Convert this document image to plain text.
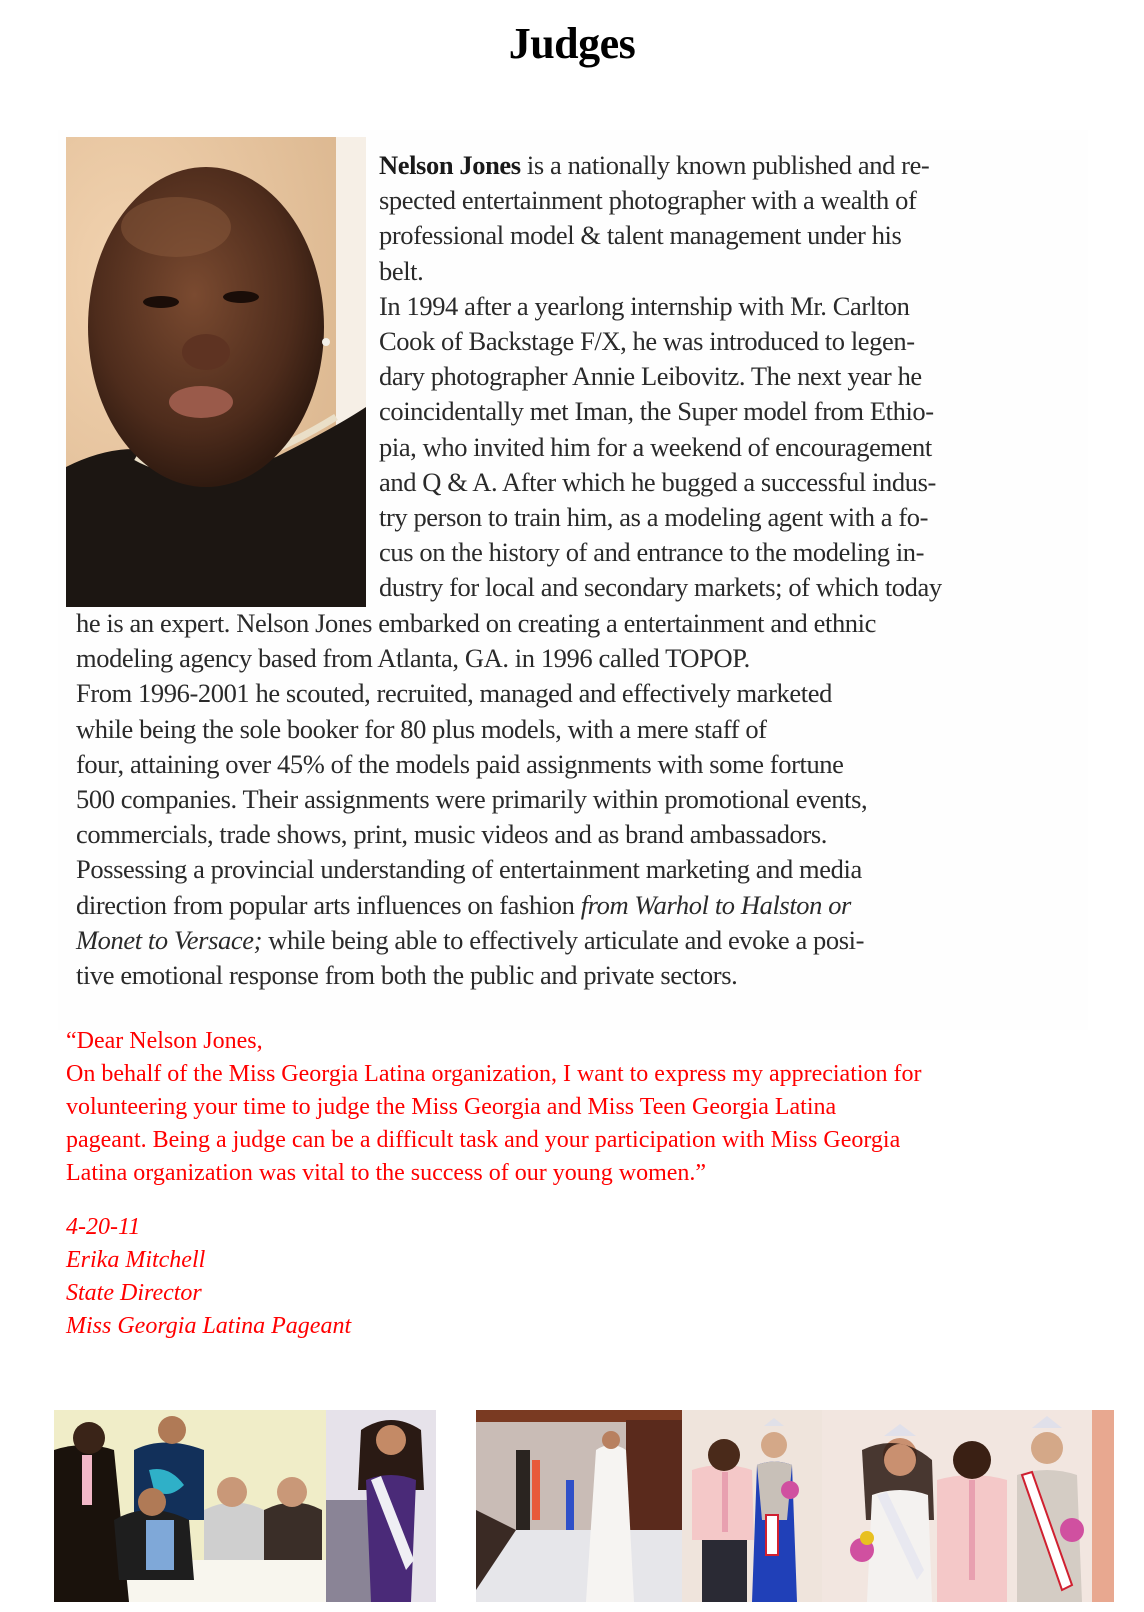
Judges
Nelson Jones is a nationally known published and re-
spected entertainment photographer with a wealth of
professional model & talent management under his
belt.
In 1994 after a yearlong internship with Mr. Carlton
Cook of Backstage F/X, he was introduced to legen-
dary photographer Annie Leibovitz. The next year he
coincidentally met Iman, the Super model from Ethio-
pia, who invited him for a weekend of encouragement
and Q & A. After which he bugged a successful indus-
try person to train him, as a modeling agent with a fo-
cus on the history of and entrance to the modeling in-
dustry for local and secondary markets; of which today
he is an expert. Nelson Jones embarked on creating a entertainment and ethnic
modeling agency based from Atlanta, GA. in 1996 called TOPOP.
From 1996-2001 he scouted, recruited, managed and effectively marketed
while being the sole booker for 80 plus models, with a mere staff of
four, attaining over 45% of the models paid assignments with some fortune
500 companies. Their assignments were primarily within promotional events,
commercials, trade shows, print, music videos and as brand ambassadors.
Possessing a provincial understanding of entertainment marketing and media
direction from popular arts influences on fashion from Warhol to Halston or
Monet to Versace; while being able to effectively articulate and evoke a posi-
tive emotional response from both the public and private sectors.
“Dear Nelson Jones,
On behalf of the Miss Georgia Latina organization, I want to express my appreciation for
volunteering your time to judge the Miss Georgia and Miss Teen Georgia Latina
pageant. Being a judge can be a difficult task and your participation with Miss Georgia
Latina organization was vital to the success of our young women.”
4-20-11
Erika Mitchell
State Director
Miss Georgia Latina Pageant
